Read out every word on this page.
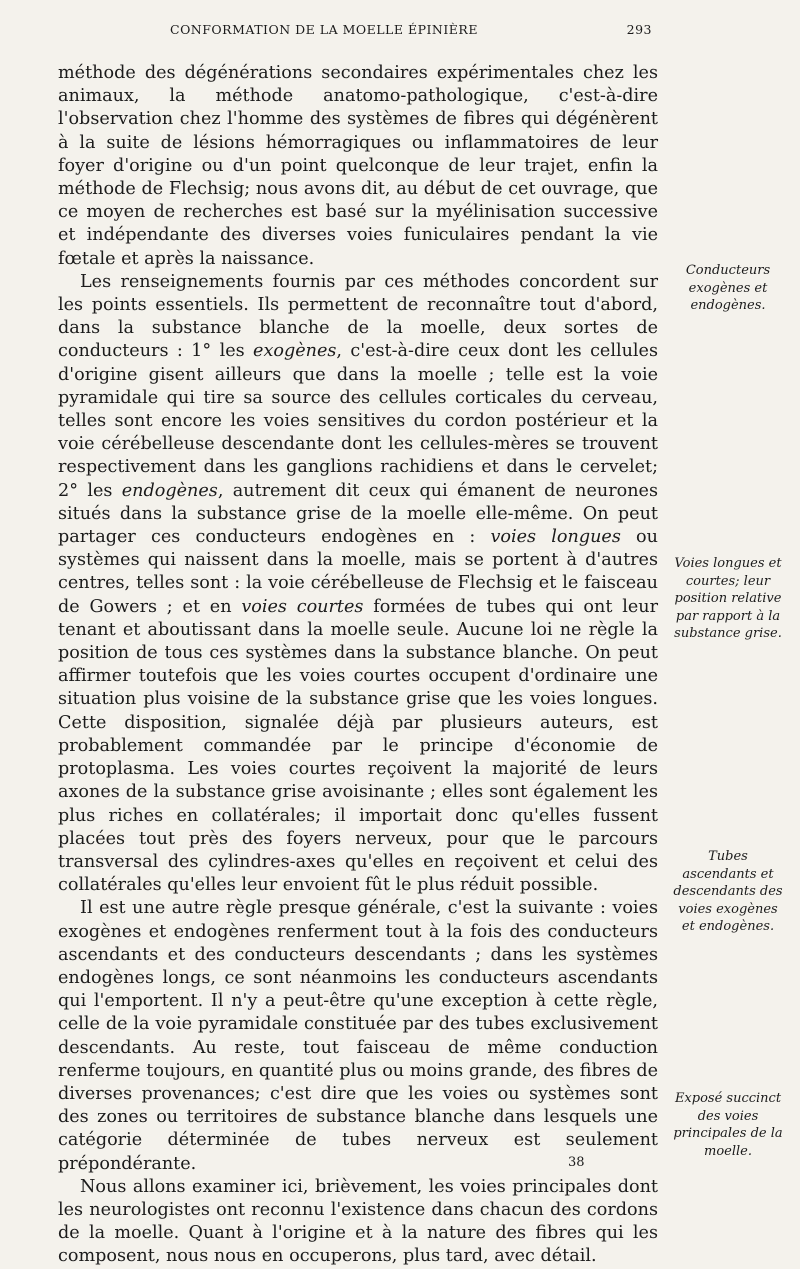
CONFORMATION DE LA MOELLE ÉPINIÈRE	293

méthode des dégénérations secondaires expérimentales chez les animaux, la méthode anatomo-pathologique, c'est-à-dire l'observation chez l'homme des systèmes de fibres qui dégénèrent à la suite de lésions hémorragiques ou inflammatoires de leur foyer d'origine ou d'un point quelconque de leur trajet, enfin la méthode de Flechsig; nous avons dit, au début de cet ouvrage, que ce moyen de recherches est basé sur la myélinisation successive et indépendante des diverses voies funiculaires pendant la vie fœtale et après la naissance.

Les renseignements fournis par ces méthodes concordent sur les points essentiels. Ils permettent de reconnaître tout d'abord, dans la substance blanche de la moelle, deux sortes de conducteurs : 1° les exogènes, c'est-à-dire ceux dont les cellules d'origine gisent ailleurs que dans la moelle ; telle est la voie pyramidale qui tire sa source des cellules corticales du cerveau, telles sont encore les voies sensitives du cordon postérieur et la voie cérébelleuse descendante dont les cellules-mères se trouvent respectivement dans les ganglions rachidiens et dans le cervelet; 2° les endogènes, autrement dit ceux qui émanent de neurones situés dans la substance grise de la moelle elle-même. On peut partager ces conducteurs endogènes en : voies longues ou systèmes qui naissent dans la moelle, mais se portent à d'autres centres, telles sont : la voie cérébelleuse de Flechsig et le faisceau de Gowers ; et en voies courtes formées de tubes qui ont leur tenant et aboutissant dans la moelle seule. Aucune loi ne règle la position de tous ces systèmes dans la substance blanche. On peut affirmer toutefois que les voies courtes occupent d'ordinaire une situation plus voisine de la substance grise que les voies longues. Cette disposition, signalée déjà par plusieurs auteurs, est probablement commandée par le principe d'économie de protoplasma. Les voies courtes reçoivent la majorité de leurs axones de la substance grise avoisinante ; elles sont également les plus riches en collatérales; il importait donc qu'elles fussent placées tout près des foyers nerveux, pour que le parcours transversal des cylindres-axes qu'elles en reçoivent et celui des collatérales qu'elles leur envoient fût le plus réduit possible.

Il est une autre règle presque générale, c'est la suivante : voies exogènes et endogènes renferment tout à la fois des conducteurs ascendants et des conducteurs descendants ; dans les systèmes endogènes longs, ce sont néanmoins les conducteurs ascendants qui l'emportent. Il n'y a peut-être qu'une exception à cette règle, celle de la voie pyramidale constituée par des tubes exclusivement descendants. Au reste, tout faisceau de même conduction renferme toujours, en quantité plus ou moins grande, des fibres de diverses provenances; c'est dire que les voies ou systèmes sont des zones ou territoires de substance blanche dans lesquels une catégorie déterminée de tubes nerveux est seulement prépondérante.

Nous allons examiner ici, brièvement, les voies principales dont les neurologistes ont reconnu l'existence dans chacun des cordons de la moelle. Quant à l'origine et à la nature des fibres qui les composent, nous nous en occuperons, plus tard, avec détail.

Conducteurs exogènes et endogènes.
Voies longues et courtes; leur position relative par rapport à la substance grise.
Tubes ascendants et descendants des voies exogènes et endogènes.
Exposé succinct des voies principales de la moelle.
38
